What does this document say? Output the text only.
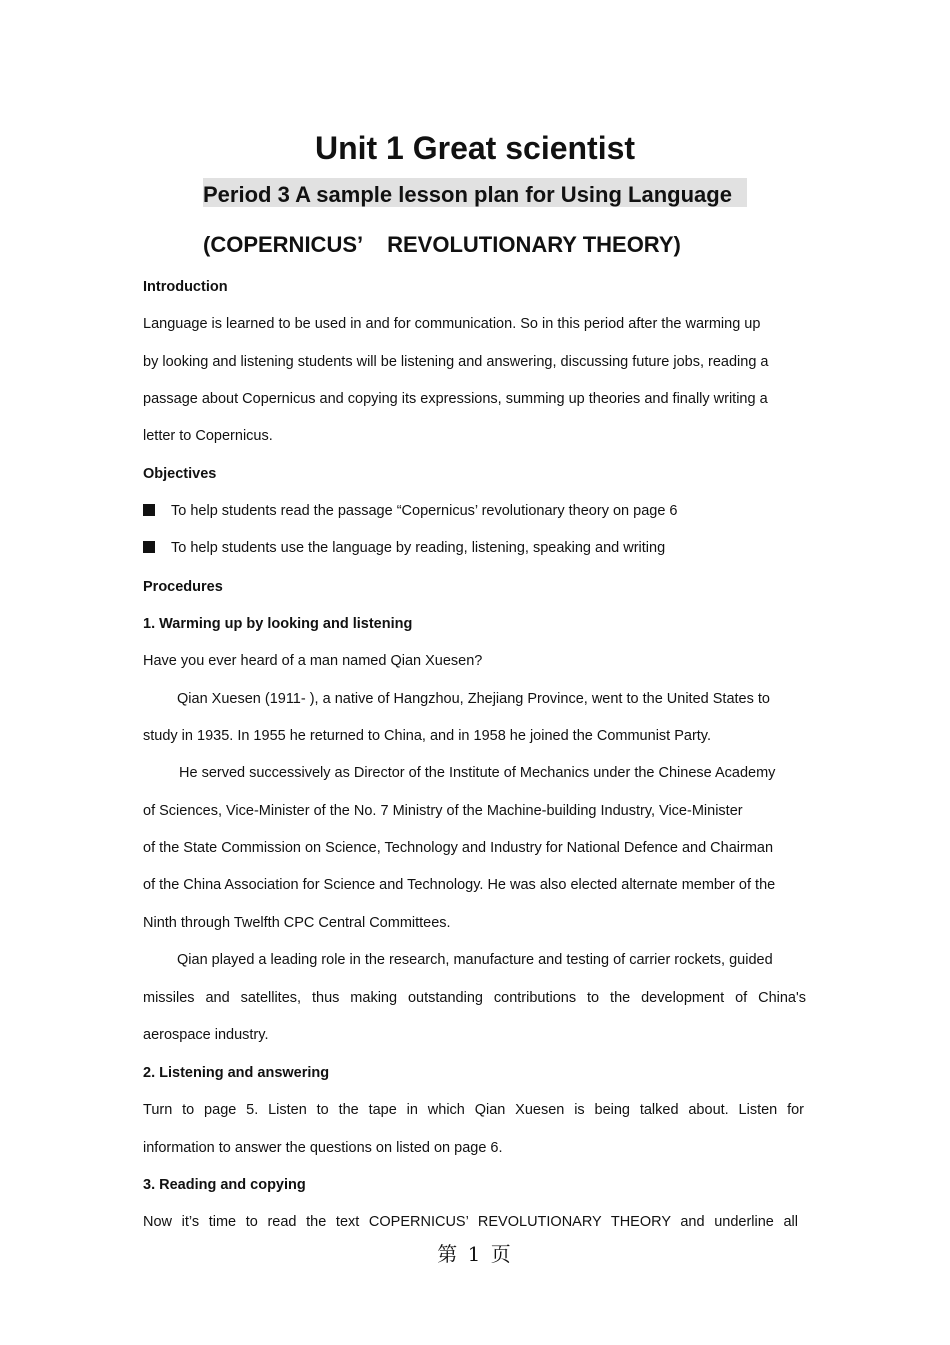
Unit 1 Great scientist
Period 3 A sample lesson plan for Using Language
(COPERNICUS’ REVOLUTIONARY THEORY)
Introduction
Language is learned to be used in and for communication. So in this period after the warming up
by looking and listening students will be listening and answering, discussing future jobs, reading a
passage about Copernicus and copying its expressions, summing up theories and finally writing a
letter to Copernicus.
Objectives
To help students read the passage “Copernicus’ revolutionary theory on page 6
To help students use the language by reading, listening, speaking and writing
Procedures
1. Warming up by looking and listening
Have you ever heard of a man named Qian Xuesen?
Qian Xuesen (1911- ), a native of Hangzhou, Zhejiang Province, went to the United States to
study in 1935. In 1955 he returned to China, and in 1958 he joined the Communist Party.
He served successively as Director of the Institute of Mechanics under the Chinese Academy
of Sciences, Vice-Minister of the No. 7 Ministry of the Machine-building Industry, Vice-Minister
of the State Commission on Science, Technology and Industry for National Defence and Chairman
of the China Association for Science and Technology. He was also elected alternate member of the
Ninth through Twelfth CPC Central Committees.
Qian played a leading role in the research, manufacture and testing of carrier rockets, guided
missiles and satellites, thus making outstanding contributions to the development of China's
aerospace industry.
2. Listening and answering
Turn to page 5. Listen to the tape in which Qian Xuesen is being talked about. Listen for
information to answer the questions on listed on page 6.
3. Reading and copying
Now it’s time to read the text COPERNICUS’ REVOLUTIONARY THEORY and underline all
第 1 页
